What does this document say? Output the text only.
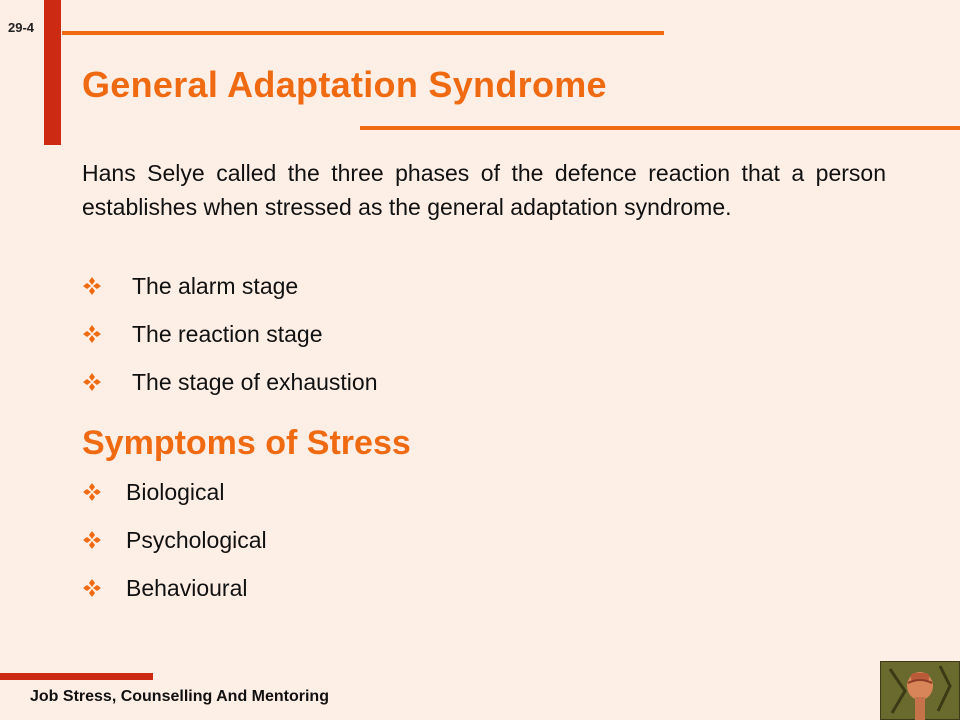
29-4
General Adaptation Syndrome

Hans Selye called the three phases of the defence reaction that a person establishes when stressed as the general adaptation syndrome.

The alarm stage
The reaction stage
The stage of exhaustion
Symptoms of Stress
Biological
Psychological
Behavioural
Job Stress, Counselling And Mentoring
